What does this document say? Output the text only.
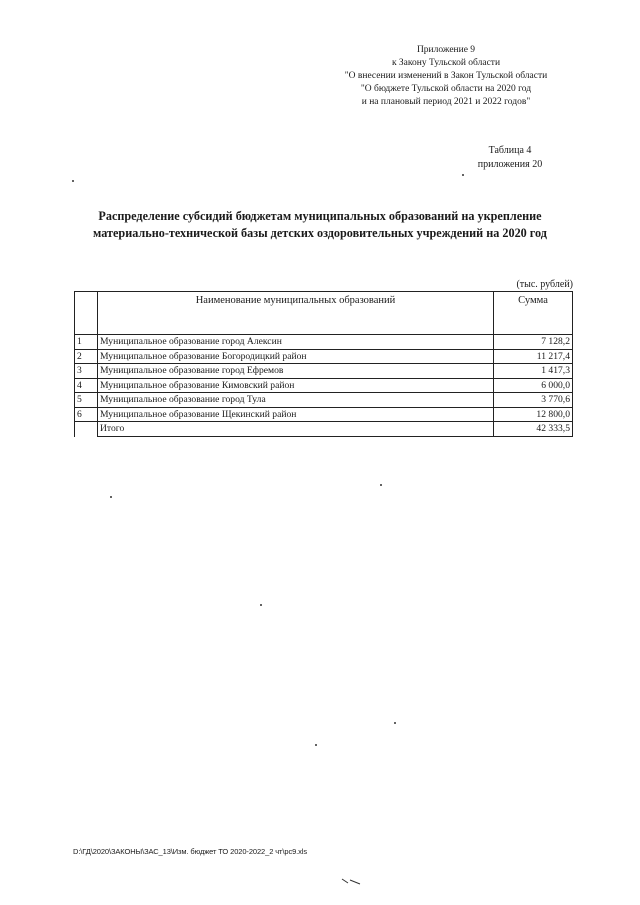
Приложение 9
к Закону Тульской области
"О внесении изменений в Закон Тульской области
"О бюджете Тульской области на 2020 год
и на плановый период 2021 и 2022 годов"
Таблица 4
приложения 20
Распределение субсидий бюджетам муниципальных образований на укрепление
материально-технической базы детских оздоровительных учреждений на 2020 год
(тыс. рублей)
	Наименование муниципальных образований	Сумма
1	Муниципальное образование город Алексин	7 128,2
2	Муниципальное образование Богородицкий район	11 217,4
3	Муниципальное образование город Ефремов	1 417,3
4	Муниципальное образование Кимовский район	6 000,0
5	Муниципальное образование город Тула	3 770,6
6	Муниципальное образование Щекинский район	12 800,0
	Итого	42 333,5
D:\ГД\2020\ЗАКОНЫ\ЗАС_13\Изм. бюджет ТО 2020-2022_2 чт\рс9.xls
